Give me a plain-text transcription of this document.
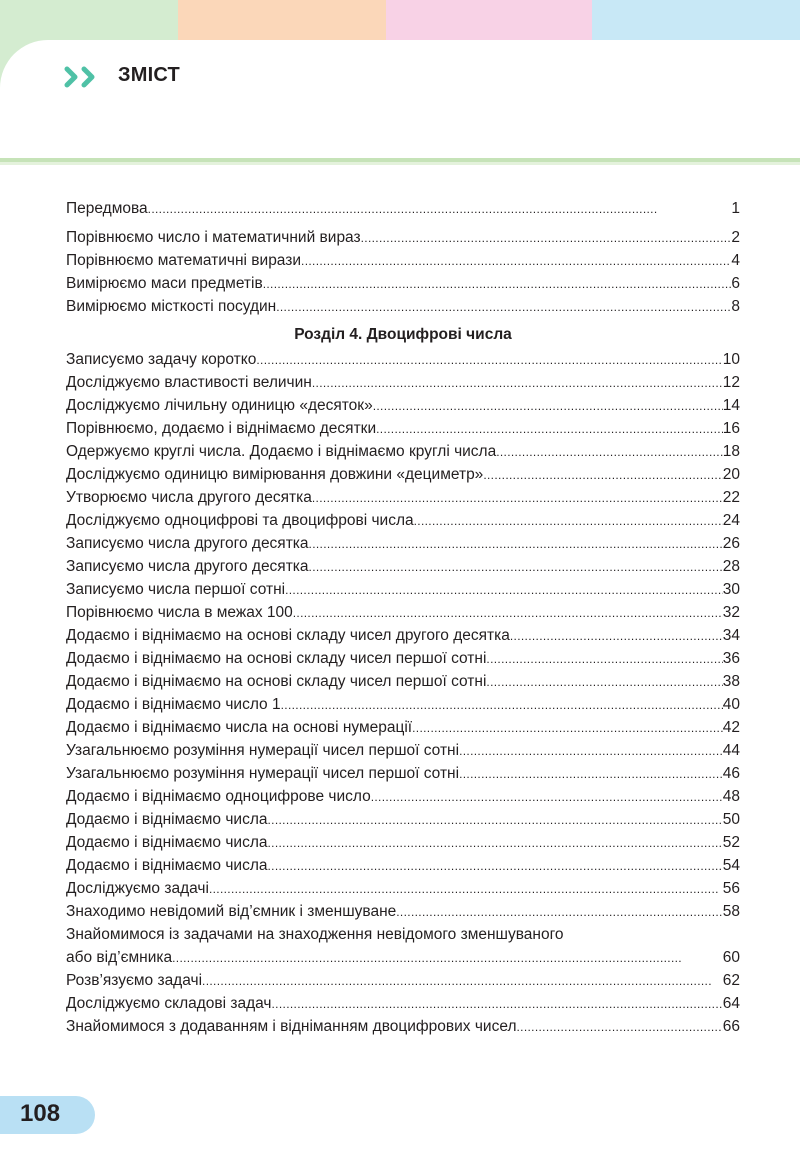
ЗМІСТ
Передмова . . .	1
Порівнюємо число і математичний вираз . . .	2
Порівнюємо математичні вирази . . .	4
Вимірюємо маси предметів . . .	6
Вимірюємо місткості посудин . . .	8
Розділ 4. Двоцифрові числа
Записуємо задачу коротко . . .	10
Досліджуємо властивості величин . . .	12
Досліджуємо лічильну одиницю «десяток» . . .	14
Порівнюємо, додаємо і віднімаємо десятки . . .	16
Одержуємо круглі числа. Додаємо і віднімаємо круглі числа . . .	18
Досліджуємо одиницю вимірювання довжини «дециметр» . . .	20
Утворюємо числа другого десятка . . .	22
Досліджуємо одноцифрові та двоцифрові числа . . .	24
Записуємо числа другого десятка . . .	26
Записуємо числа другого десятка . . .	28
Записуємо числа першої сотні . . .	30
Порівнюємо числа в межах 100 . . .	32
Додаємо і віднімаємо на основі складу чисел другого десятка . . .	34
Додаємо і віднімаємо на основі складу чисел першої сотні . . .	36
Додаємо і віднімаємо на основі складу чисел першої сотні . . .	38
Додаємо і віднімаємо число 1 . . .	40
Додаємо і віднімаємо числа на основі нумерації . . .	42
Узагальнюємо розуміння нумерації чисел першої сотні . . .	44
Узагальнюємо розуміння нумерації чисел першої сотні . . .	46
Додаємо і віднімаємо одноцифрове число . . .	48
Додаємо і віднімаємо числа . . .	50
Додаємо і віднімаємо числа . . .	52
Додаємо і віднімаємо числа . . .	54
Досліджуємо задачі . . .	56
Знаходимо невідомий від’ємник і зменшуване . . .	58
Знайомимося із задачами на знаходження невідомого зменшуваного
або від’ємника . . .	60
Розв’язуємо задачі . . .	62
Досліджуємо складові задач . . .	64
Знайомимося з додаванням і відніманням двоцифрових чисел . . .	66

108
